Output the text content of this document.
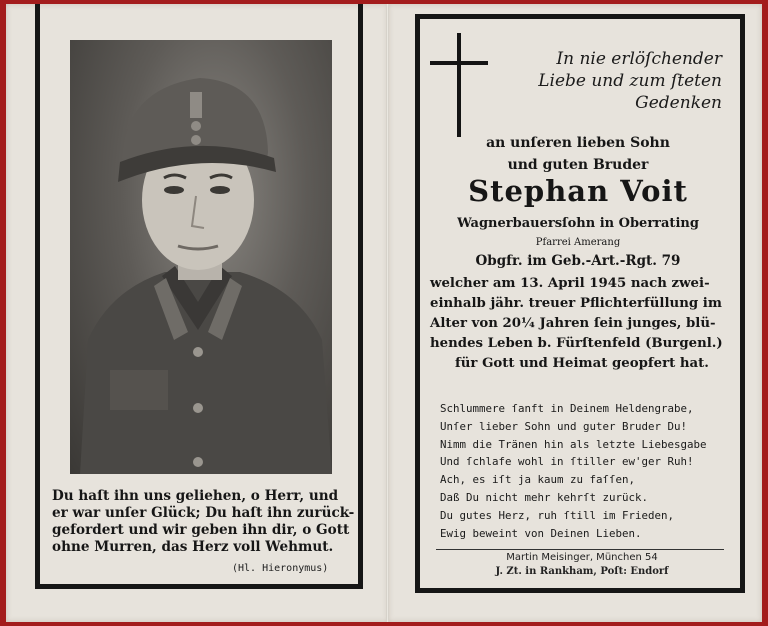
Du haſt ihn uns geliehen, o Herr, und
er war unſer Glück; Du haſt ihn zurück-
gefordert und wir geben ihn dir, o Gott
ohne Murren, das Herz voll Wehmut.
(Hl. Hieronymus)
In nie erlöſchender
Liebe und zum ſteten
Gedenken
an unſeren lieben Sohn
und guten Bruder
Stephan Voit
Wagnerbauersſohn in Oberrating
Pfarrei Amerang
Obgfr. im Geb.-Art.-Rgt. 79
welcher am 13. April 1945 nach zwei-
einhalb jähr. treuer Pflichterfüllung im
Alter von 20¼ Jahren ſein junges, blü-
hendes Leben b. Fürſtenfeld (Burgenl.)
für Gott und Heimat geopfert hat.
Schlummere ſanft in Deinem Heldengrabe,
Unſer lieber Sohn und guter Bruder Du!
Nimm die Tränen hin als letzte Liebesgabe
Und ſchlafe wohl in ſtiller ew'ger Ruh!
Ach, es iſt ja kaum zu faſſen,
Daß Du nicht mehr kehrſt zurück.
Du gutes Herz, ruh ſtill im Frieden,
Ewig beweint von Deinen Lieben.
Martin Meisinger, München 54
J. Zt. in Rankham, Poſt: Endorf
